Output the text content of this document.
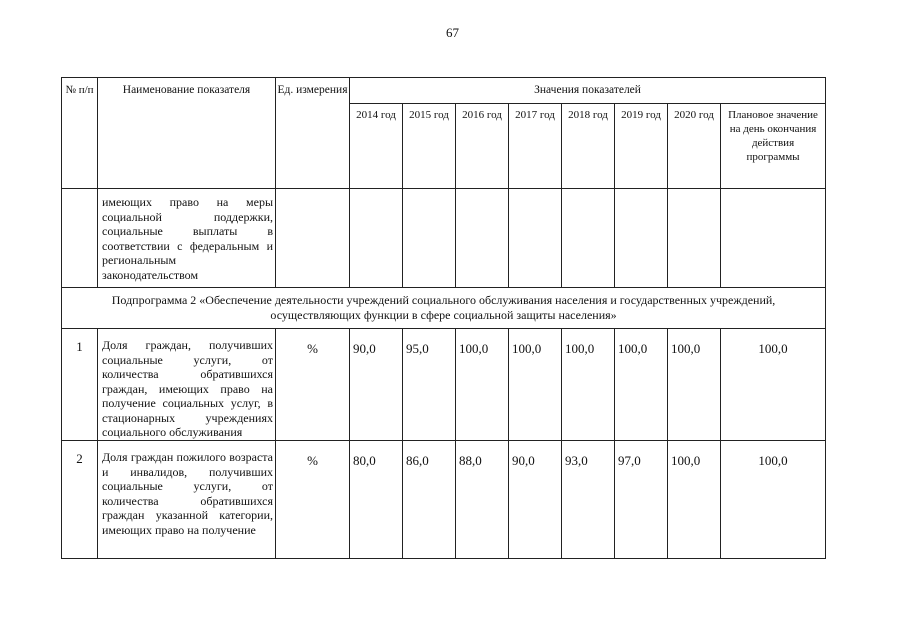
67
№ п/п	Наименование показателя	Ед. измерения	Значения показателей							
			2014 год	2015 год	2016 год	2017 год	2018 год	2019 год	2020 год	Плановое значение на день окончания действия программы
	имеющих право на меры социальной поддержки, социальные выплаты в соответствии с федеральным и региональным законодательством									
Подпрограмма 2 «Обеспечение деятельности учреждений социального обслуживания населения и государственных учреждений, осуществляющих функции в сфере социальной защиты населения»										
1	Доля граждан, получивших социальные услуги, от количества обратившихся граждан, имеющих право на получение социальных услуг, в стационарных учреждениях социального обслуживания	%	90,0	95,0	100,0	100,0	100,0	100,0	100,0	100,0
2	Доля граждан пожилого возраста и инвалидов, получивших социальные услуги, от количества обратившихся граждан указанной категории, имеющих право на получение	%	80,0	86,0	88,0	90,0	93,0	97,0	100,0	100,0
